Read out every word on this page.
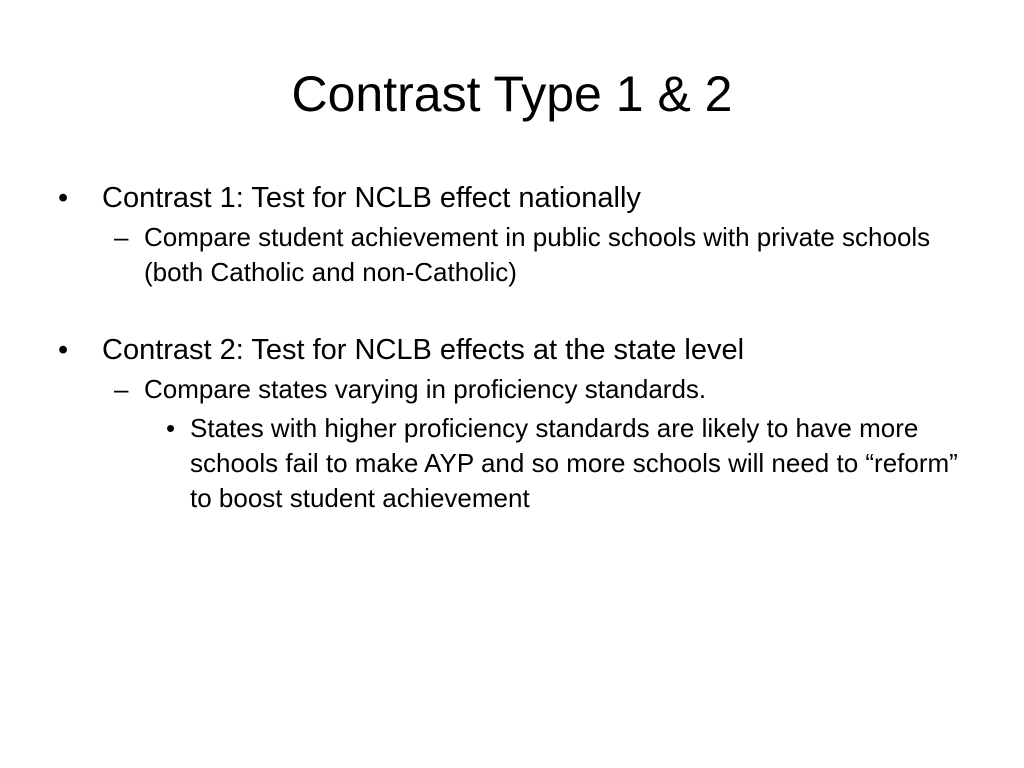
Contrast Type 1 & 2
• Contrast 1: Test for NCLB effect nationally
– Compare student achievement in public schools with private schools (both Catholic and non-Catholic)
• Contrast 2: Test for NCLB effects at the state level
– Compare states varying in proficiency standards.
• States with higher proficiency standards are likely to have more schools fail to make AYP and so more schools will need to “reform” to boost student achievement
